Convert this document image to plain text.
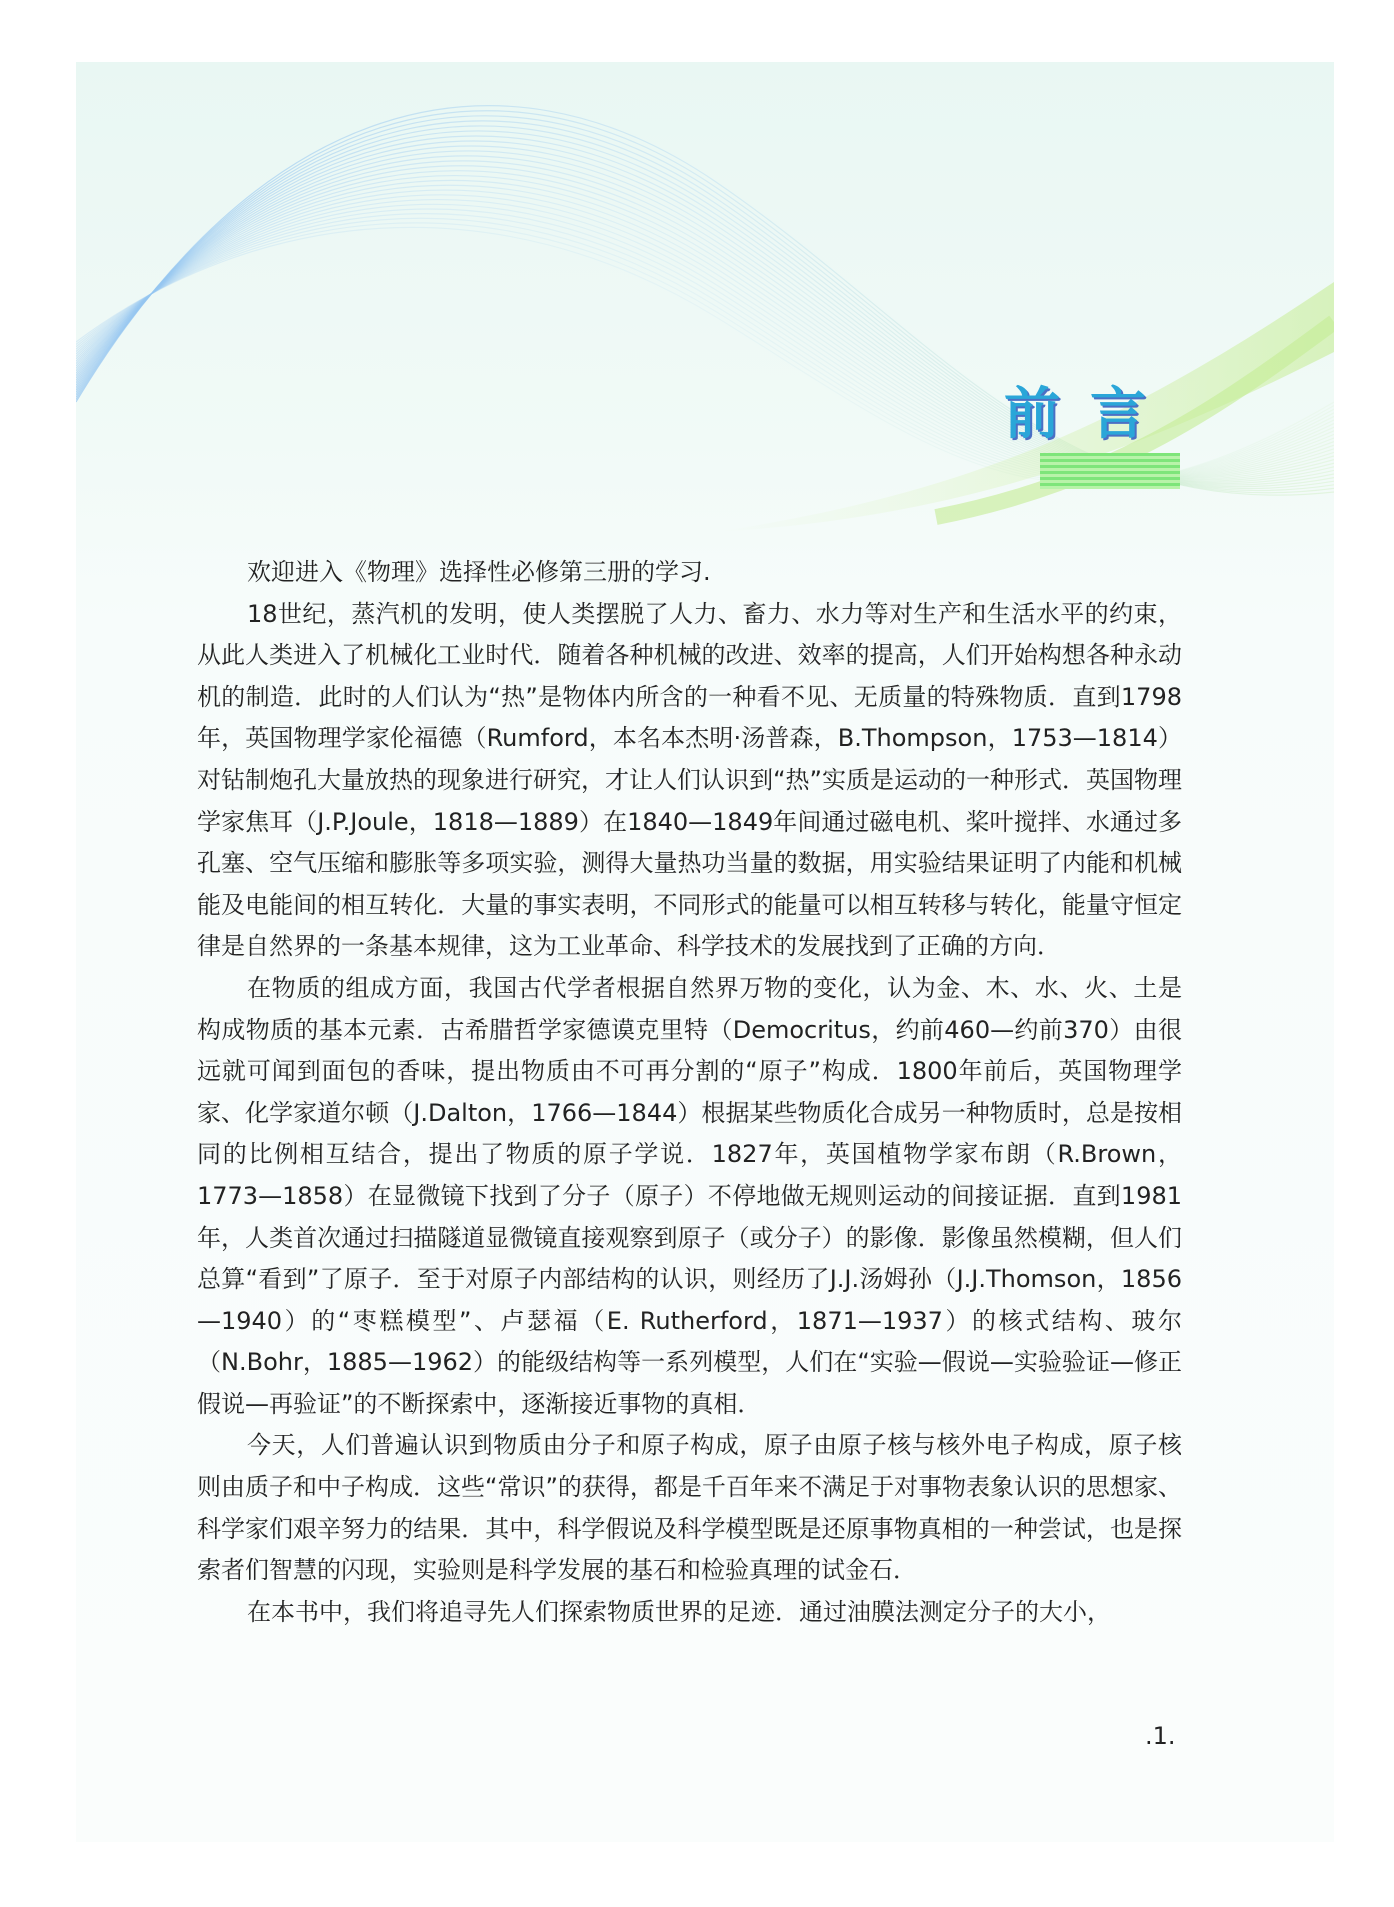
前言

欢迎进入《物理》选择性必修第三册的学习.

18世纪，蒸汽机的发明，使人类摆脱了人力、畜力、水力等对生产和生活水平的约束，从此人类进入了机械化工业时代．随着各种机械的改进、效率的提高，人们开始构想各种永动机的制造．此时的人们认为“热”是物体内所含的一种看不见、无质量的特殊物质．直到1798年，英国物理学家伦福德（Rumford，本名本杰明·汤普森，B.Thompson，1753—1814）对钻制炮孔大量放热的现象进行研究，才让人们认识到“热”实质是运动的一种形式．英国物理学家焦耳（J.P.Joule，1818—1889）在1840—1849年间通过磁电机、桨叶搅拌、水通过多孔塞、空气压缩和膨胀等多项实验，测得大量热功当量的数据，用实验结果证明了内能和机械能及电能间的相互转化．大量的事实表明，不同形式的能量可以相互转移与转化，能量守恒定律是自然界的一条基本规律，这为工业革命、科学技术的发展找到了正确的方向．

在物质的组成方面，我国古代学者根据自然界万物的变化，认为金、木、水、火、土是构成物质的基本元素．古希腊哲学家德谟克里特（Democritus，约前460—约前370）由很远就可闻到面包的香味，提出物质由不可再分割的“原子”构成．1800年前后，英国物理学家、化学家道尔顿（J.Dalton，1766—1844）根据某些物质化合成另一种物质时，总是按相同的比例相互结合，提出了物质的原子学说．1827年，英国植物学家布朗（R.Brown，1773—1858）在显微镜下找到了分子（原子）不停地做无规则运动的间接证据．直到1981年，人类首次通过扫描隧道显微镜直接观察到原子（或分子）的影像．影像虽然模糊，但人们总算“看到”了原子．至于对原子内部结构的认识，则经历了J.J.汤姆孙（J.J.Thomson，1856—1940）的“枣糕模型”、卢瑟福（E. Rutherford，1871—1937）的核式结构、玻尔（N.Bohr，1885—1962）的能级结构等一系列模型，人们在“实验—假说—实验验证—修正假说—再验证”的不断探索中，逐渐接近事物的真相．

今天，人们普遍认识到物质由分子和原子构成，原子由原子核与核外电子构成，原子核则由质子和中子构成．这些“常识”的获得，都是千百年来不满足于对事物表象认识的思想家、科学家们艰辛努力的结果．其中，科学假说及科学模型既是还原事物真相的一种尝试，也是探索者们智慧的闪现，实验则是科学发展的基石和检验真理的试金石．

在本书中，我们将追寻先人们探索物质世界的足迹．通过油膜法测定分子的大小，

.1.
